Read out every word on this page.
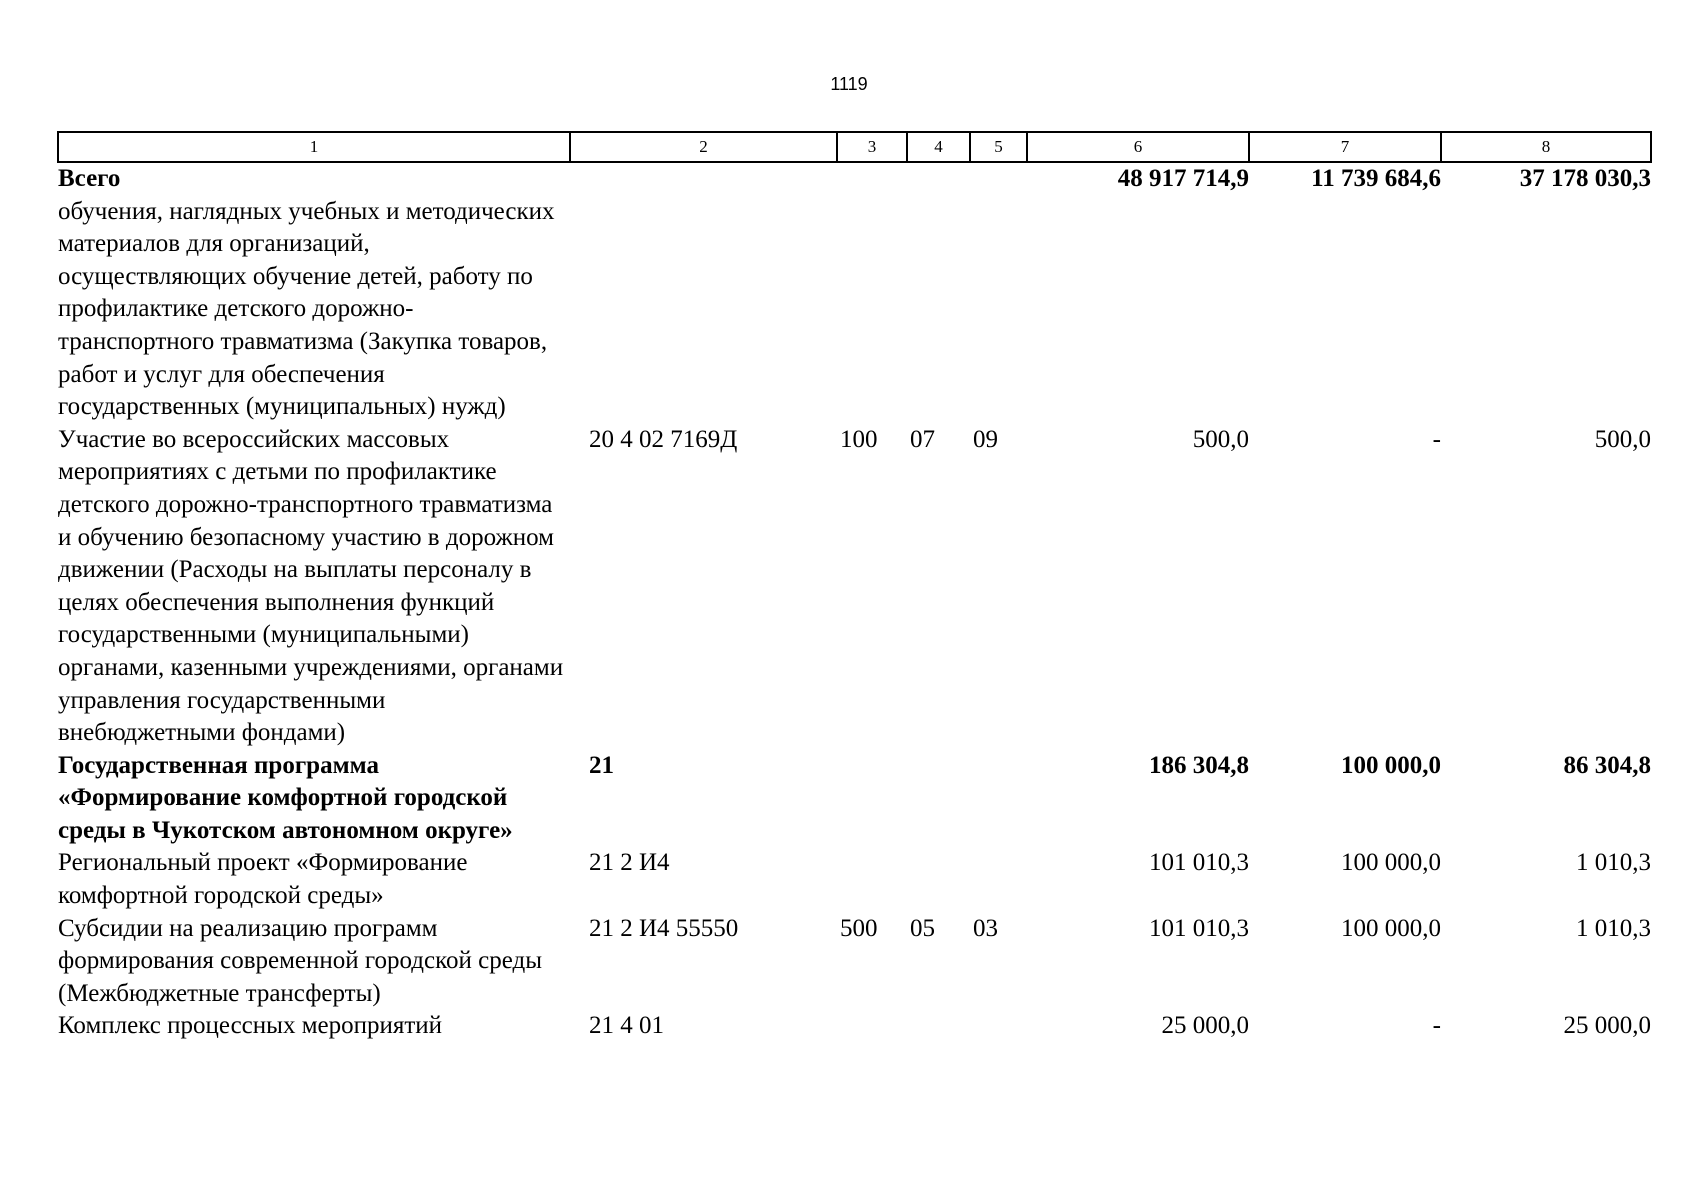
1119
1	2	3	4	5	6	7	8
Всего					48 917 714,9	11 739 684,6	37 178 030,3
обучения, наглядных учебных и методических материалов для организаций, осуществляющих обучение детей, работу по профилактике детского дорожно-транспортного травматизма (Закупка товаров, работ и услуг для обеспечения государственных (муниципальных) нужд)							
Участие во всероссийских массовых мероприятиях с детьми по профилактике детского дорожно-транспортного травматизма и обучению безопасному участию в дорожном движении (Расходы на выплаты персоналу в целях обеспечения выполнения функций государственными (муниципальными) органами, казенными учреждениями, органами управления государственными внебюджетными фондами)	20 4 02 7169Д	100	07	09	500,0	-	500,0
Государственная программа «Формирование комфортной городской среды в Чукотском автономном округе»	21				186 304,8	100 000,0	86 304,8
Региональный проект «Формирование комфортной городской среды»	21 2 И4				101 010,3	100 000,0	1 010,3
Субсидии на реализацию программ формирования современной городской среды (Межбюджетные трансферты)	21 2 И4 55550	500	05	03	101 010,3	100 000,0	1 010,3
Комплекс процессных мероприятий	21 4 01				25 000,0	-	25 000,0
